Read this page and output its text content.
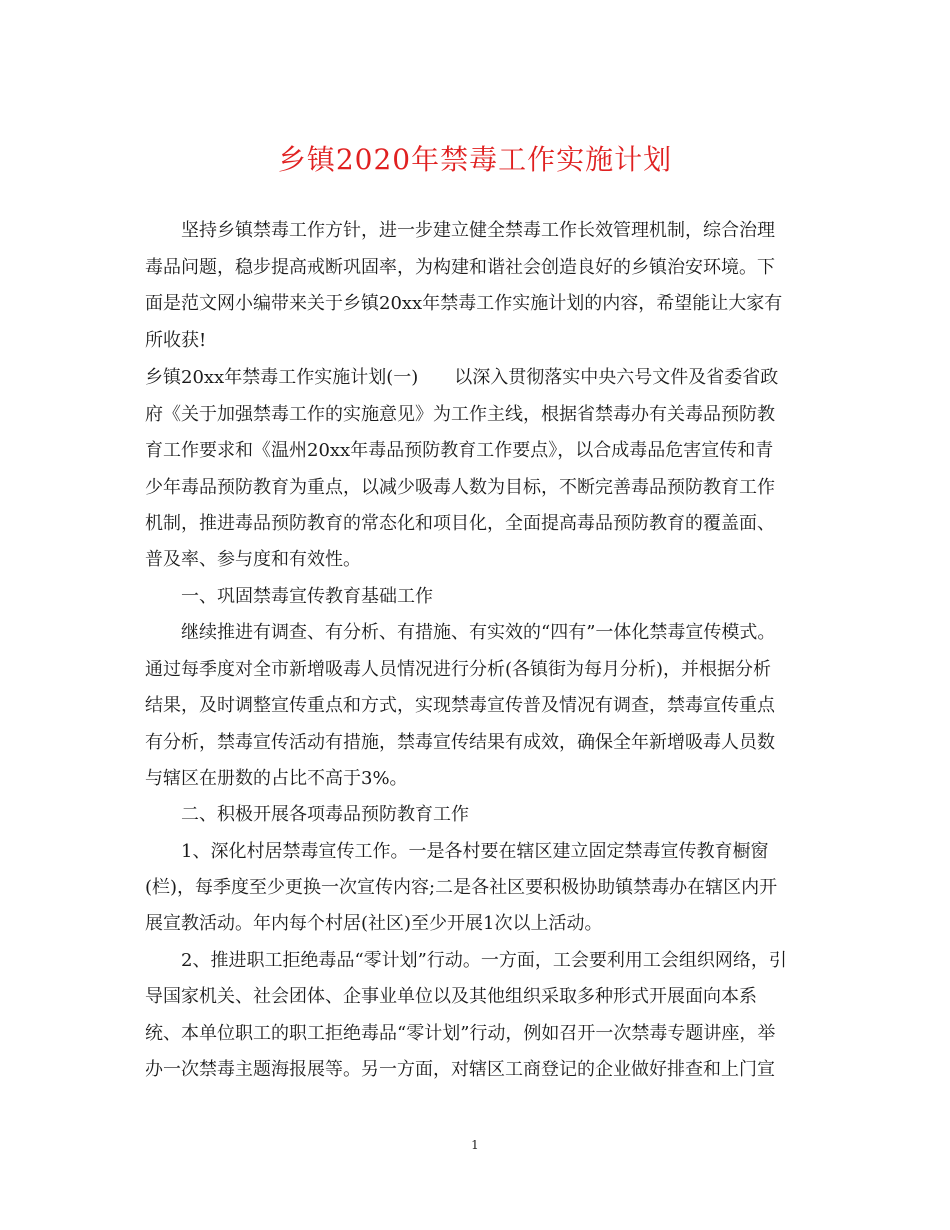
乡镇2020年禁毒工作实施计划

　　坚持乡镇禁毒工作方针，进一步建立健全禁毒工作长效管理机制，综合治理

毒品问题，稳步提高戒断巩固率，为构建和谐社会创造良好的乡镇治安环境。下

面是范文网小编带来关于乡镇20xx年禁毒工作实施计划的内容，希望能让大家有

所收获!

乡镇20xx年禁毒工作实施计划(一)　　以深入贯彻落实中央六号文件及省委省政

府《关于加强禁毒工作的实施意见》为工作主线，根据省禁毒办有关毒品预防教

育工作要求和《温州20xx年毒品预防教育工作要点》，以合成毒品危害宣传和青

少年毒品预防教育为重点，以减少吸毒人数为目标，不断完善毒品预防教育工作

机制，推进毒品预防教育的常态化和项目化，全面提高毒品预防教育的覆盖面、

普及率、参与度和有效性。

　　一、巩固禁毒宣传教育基础工作

　　继续推进有调查、有分析、有措施、有实效的“四有”一体化禁毒宣传模式。

通过每季度对全市新增吸毒人员情况进行分析(各镇街为每月分析)，并根据分析

结果，及时调整宣传重点和方式，实现禁毒宣传普及情况有调查，禁毒宣传重点

有分析，禁毒宣传活动有措施，禁毒宣传结果有成效，确保全年新增吸毒人员数

与辖区在册数的占比不高于3%。

　　二、积极开展各项毒品预防教育工作

　　1、深化村居禁毒宣传工作。一是各村要在辖区建立固定禁毒宣传教育橱窗

(栏)，每季度至少更换一次宣传内容;二是各社区要积极协助镇禁毒办在辖区内开

展宣教活动。年内每个村居(社区)至少开展1次以上活动。

　　2、推进职工拒绝毒品“零计划”行动。一方面，工会要利用工会组织网络，引

导国家机关、社会团体、企事业单位以及其他组织采取多种形式开展面向本系

统、本单位职工的职工拒绝毒品“零计划”行动，例如召开一次禁毒专题讲座，举

办一次禁毒主题海报展等。另一方面，对辖区工商登记的企业做好排查和上门宣

1
